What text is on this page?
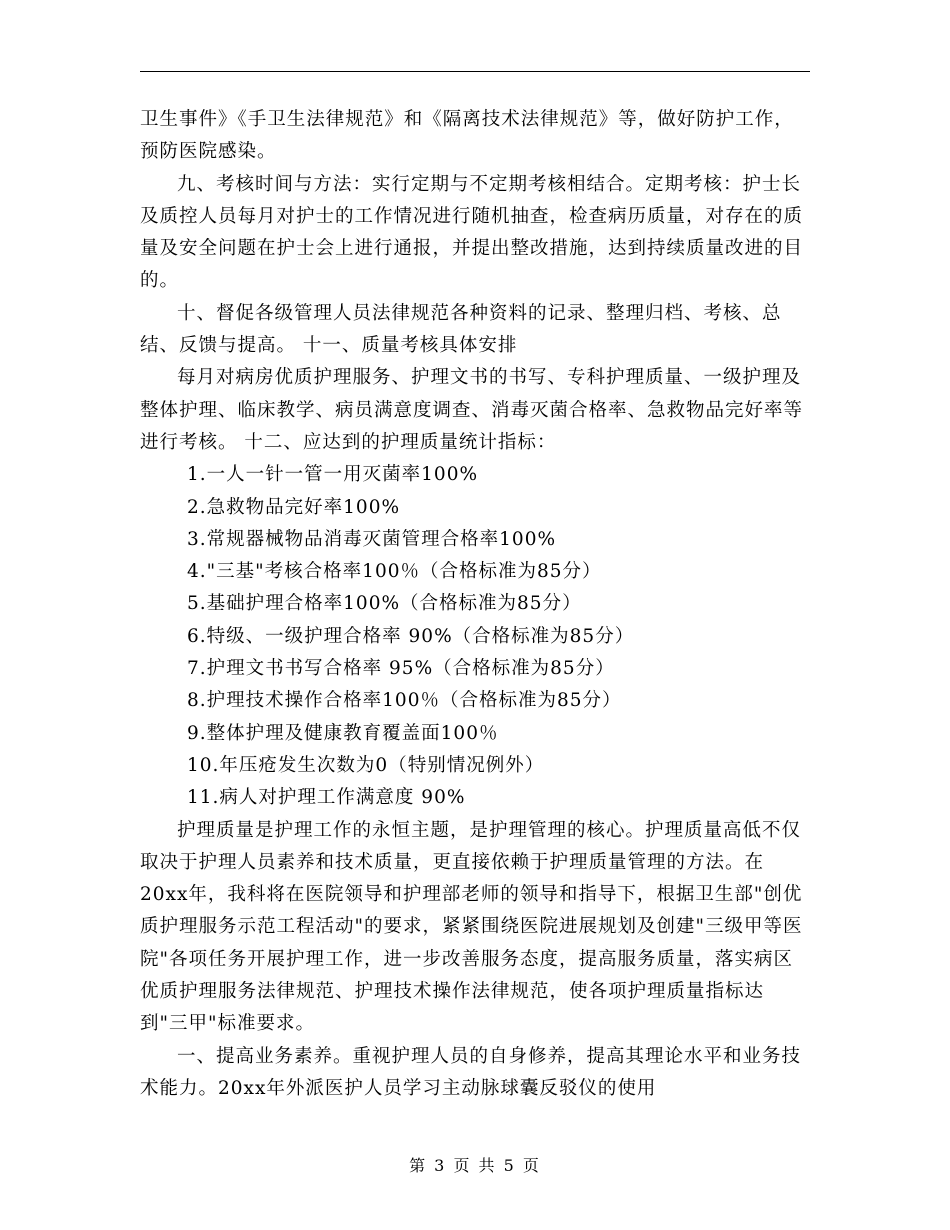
卫生事件》《手卫生法律规范》和《隔离技术法律规范》等，做好防护工作，预防医院感染。

九、考核时间与方法：实行定期与不定期考核相结合。定期考核：护士长及质控人员每月对护士的工作情况进行随机抽查，检查病历质量，对存在的质量及安全问题在护士会上进行通报，并提出整改措施，达到持续质量改进的目的。

十、督促各级管理人员法律规范各种资料的记录、整理归档、考核、总结、反馈与提高。 十一、质量考核具体安排

每月对病房优质护理服务、护理文书的书写、专科护理质量、一级护理及整体护理、临床教学、病员满意度调查、消毒灭菌合格率、急救物品完好率等进行考核。 十二、应达到的护理质量统计指标：

1.一人一针一管一用灭菌率100%

2.急救物品完好率100%

3.常规器械物品消毒灭菌管理合格率100%

4."三基"考核合格率100％（合格标准为85分）

5.基础护理合格率100%（合格标准为85分）

6.特级、一级护理合格率 90%（合格标准为85分）

7.护理文书书写合格率 95%（合格标准为85分）

8.护理技术操作合格率100％（合格标准为85分）

9.整体护理及健康教育覆盖面100％

10.年压疮发生次数为0（特别情况例外）

11.病人对护理工作满意度 90%

护理质量是护理工作的永恒主题，是护理管理的核心。护理质量高低不仅取决于护理人员素养和技术质量，更直接依赖于护理质量管理的方法。在20xx年，我科将在医院领导和护理部老师的领导和指导下，根据卫生部"创优质护理服务示范工程活动"的要求，紧紧围绕医院进展规划及创建"三级甲等医院"各项任务开展护理工作，进一步改善服务态度，提高服务质量，落实病区优质护理服务法律规范、护理技术操作法律规范，使各项护理质量指标达到"三甲"标准要求。

一、提高业务素养。重视护理人员的自身修养，提高其理论水平和业务技术能力。20xx年外派医护人员学习主动脉球囊反驳仪的使用

第 3 页 共 5 页
